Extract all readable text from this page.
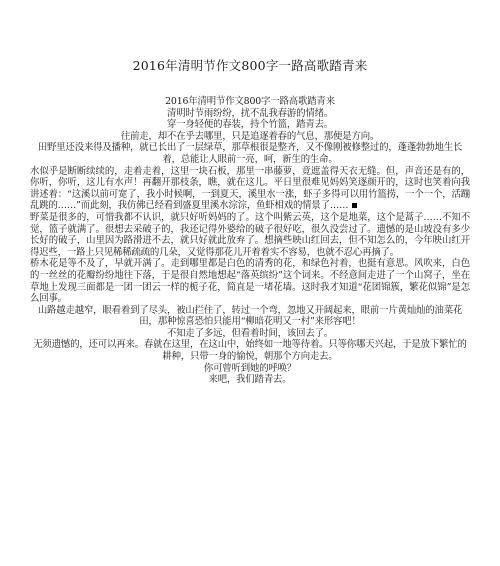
2016年清明节作文800字一路高歌踏青来

2016年清明节作文800字一路高歌踏青来

清明时节雨纷纷，扰不乱我春游的情绪。

穿一身轻便的春装，持个竹篮，踏青去。

往前走，却不在乎去哪里，只是追逐着春的气息，那便是方向。

田野里还没来得及播种，就已长出了一层绿草，那草根很是整齐，又不像刚被修整过的，蓬蓬勃勃地生长着，总能让人眼前一亮，呵，新生的生命。

水似乎是断断续续的，走着走着，这里一块石板，那里一串藤萝，竟遮盖得天衣无缝。但，声音还是有的，你听，你听，这儿有水声！再翻开那枝条，瞧，就在这儿。平日里很难见妈妈笑逐颜开的，这时也笑着向我讲述着：“这溪以前可宽了，我小时候啊，一到夏天，溪里水一涨，虾子多得可以用竹篮捞，一个一个，活蹦乱跳的……”而此刻，我仿佛已经看到盛夏里溪水淙淙，鱼虾相戏的情景了……

野菜是很多的，可惜我都不认识，就只好听妈妈的了。这个叫紫云英，这个是地菜，这个是蒿子……不知不觉，篮子就满了。很想去采破子的，我还记得外婆给的破子很好吃，很久没尝过了。遗憾的是山坡没有多少长好的破子，山里因为路滑进不去，就只好就此放弃了。想摘些映山红回去，但不知怎么的，今年映山红开得迟些，一路上只见稀稀疏疏的几朵，又觉得那花儿开着着实不容易，也就不忍心再摘了。

桥木花是等不及了，早就开满了。走到哪里都是白色的清秀的花，和绿色衬着，也挺有意思。风吹来，白色的一丝丝的花瓣纷纷地往下落，于是很自然地想起“落英缤纷”这个词来。不经意间走进了一个山窝子，坐在草地上发现三面都是一团一团云一样的栀子花，简直是一堵花墙。这时我才知道“花团锦簇，繁花似锦”是怎么回事。

山路越走越窄，眼看着到了尽头，被山拦住了，转过一个弯，忽地又开阔起来，眼前一片黄灿灿的油菜花田，那种惊喜恐怕只能用“柳暗花明又一村”来形容吧！

不知走了多远，但看着时间，该回去了。

无须遗憾的，还可以再来。春就在这里，在这山中，始终如一地等待着。只等你哪天兴起，于是放下繁忙的耕种，只带一身的愉悦，朝那个方向走去。

你可曾听到她的呼唤？

来吧，我们踏青去。
